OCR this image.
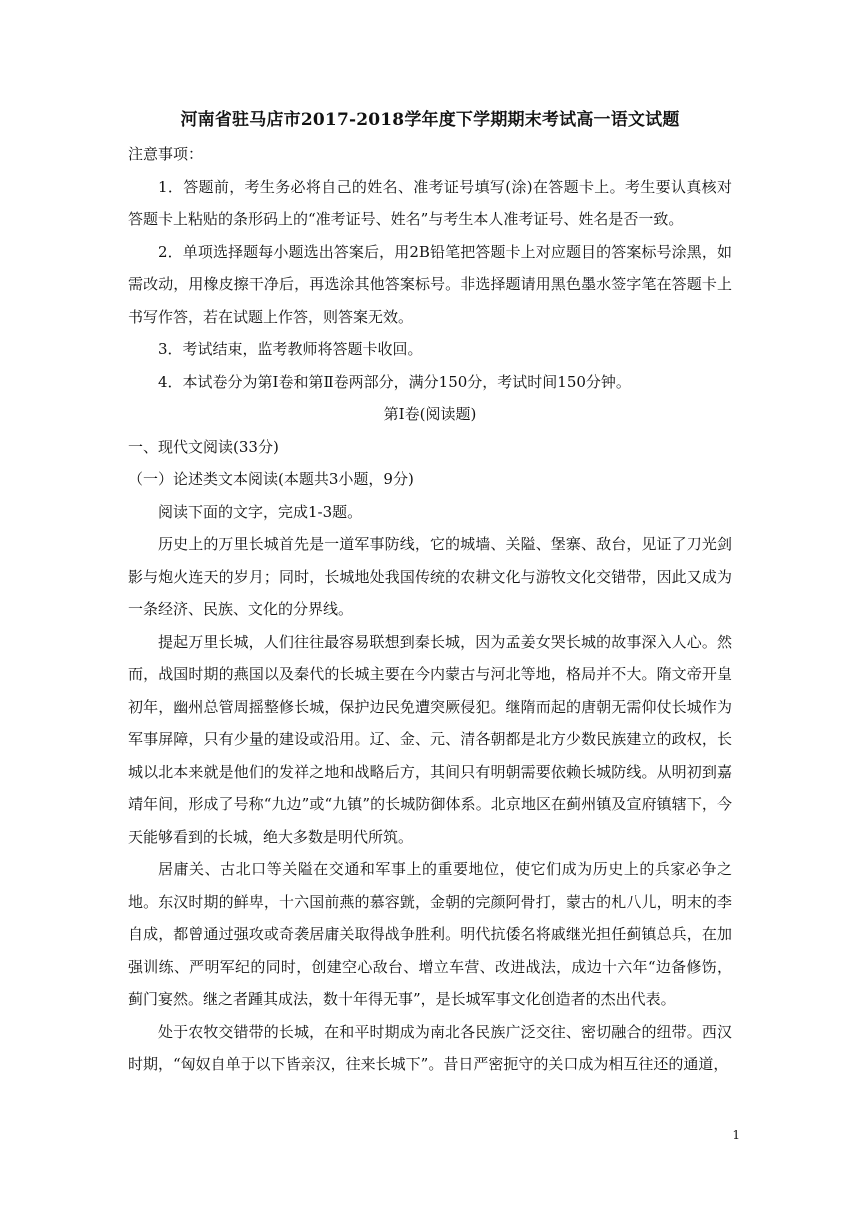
河南省驻马店市2017-2018学年度下学期期末考试高一语文试题

注意事项：

1．答题前，考生务必将自己的姓名、准考证号填写(涂)在答题卡上。考生要认真核对答题卡上粘贴的条形码上的“准考证号、姓名”与考生本人准考证号、姓名是否一致。

2．单项选择题每小题选出答案后，用2B铅笔把答题卡上对应题目的答案标号涂黑，如需改动，用橡皮擦干净后，再选涂其他答案标号。非选择题请用黑色墨水签字笔在答题卡上书写作答，若在试题上作答，则答案无效。

3．考试结束，监考教师将答题卡收回。

4．本试卷分为第Ⅰ卷和第Ⅱ卷两部分，满分150分，考试时间150分钟。

第Ⅰ卷(阅读题)

一、现代文阅读(33分)

（一）论述类文本阅读(本题共3小题，9分)

阅读下面的文字，完成1-3题。

历史上的万里长城首先是一道军事防线，它的城墙、关隘、堡寨、敌台，见证了刀光剑影与炮火连天的岁月；同时，长城地处我国传统的农耕文化与游牧文化交错带，因此又成为一条经济、民族、文化的分界线。

提起万里长城，人们往往最容易联想到秦长城，因为孟姜女哭长城的故事深入人心。然而，战国时期的燕国以及秦代的长城主要在今内蒙古与河北等地，格局并不大。隋文帝开皇初年，幽州总管周摇整修长城，保护边民免遭突厥侵犯。继隋而起的唐朝无需仰仗长城作为军事屏障，只有少量的建设或沿用。辽、金、元、清各朝都是北方少数民族建立的政权，长城以北本来就是他们的发祥之地和战略后方，其间只有明朝需要依赖长城防线。从明初到嘉靖年间，形成了号称“九边”或“九镇”的长城防御体系。北京地区在蓟州镇及宣府镇辖下，今天能够看到的长城，绝大多数是明代所筑。

居庸关、古北口等关隘在交通和军事上的重要地位，使它们成为历史上的兵家必争之地。东汉时期的鲜卑，十六国前燕的慕容皝，金朝的完颜阿骨打，蒙古的札八儿，明末的李自成，都曾通过强攻或奇袭居庸关取得战争胜利。明代抗倭名将戚继光担任蓟镇总兵，在加强训练、严明军纪的同时，创建空心敌台、增立车营、改进战法，成边十六年“边备修饬，蓟门宴然。继之者踵其成法，数十年得无事”，是长城军事文化创造者的杰出代表。

处于农牧交错带的长城，在和平时期成为南北各民族广泛交往、密切融合的纽带。西汉时期，“匈奴自单于以下皆亲汉，往来长城下”。昔日严密扼守的关口成为相互往还的通道，

1
